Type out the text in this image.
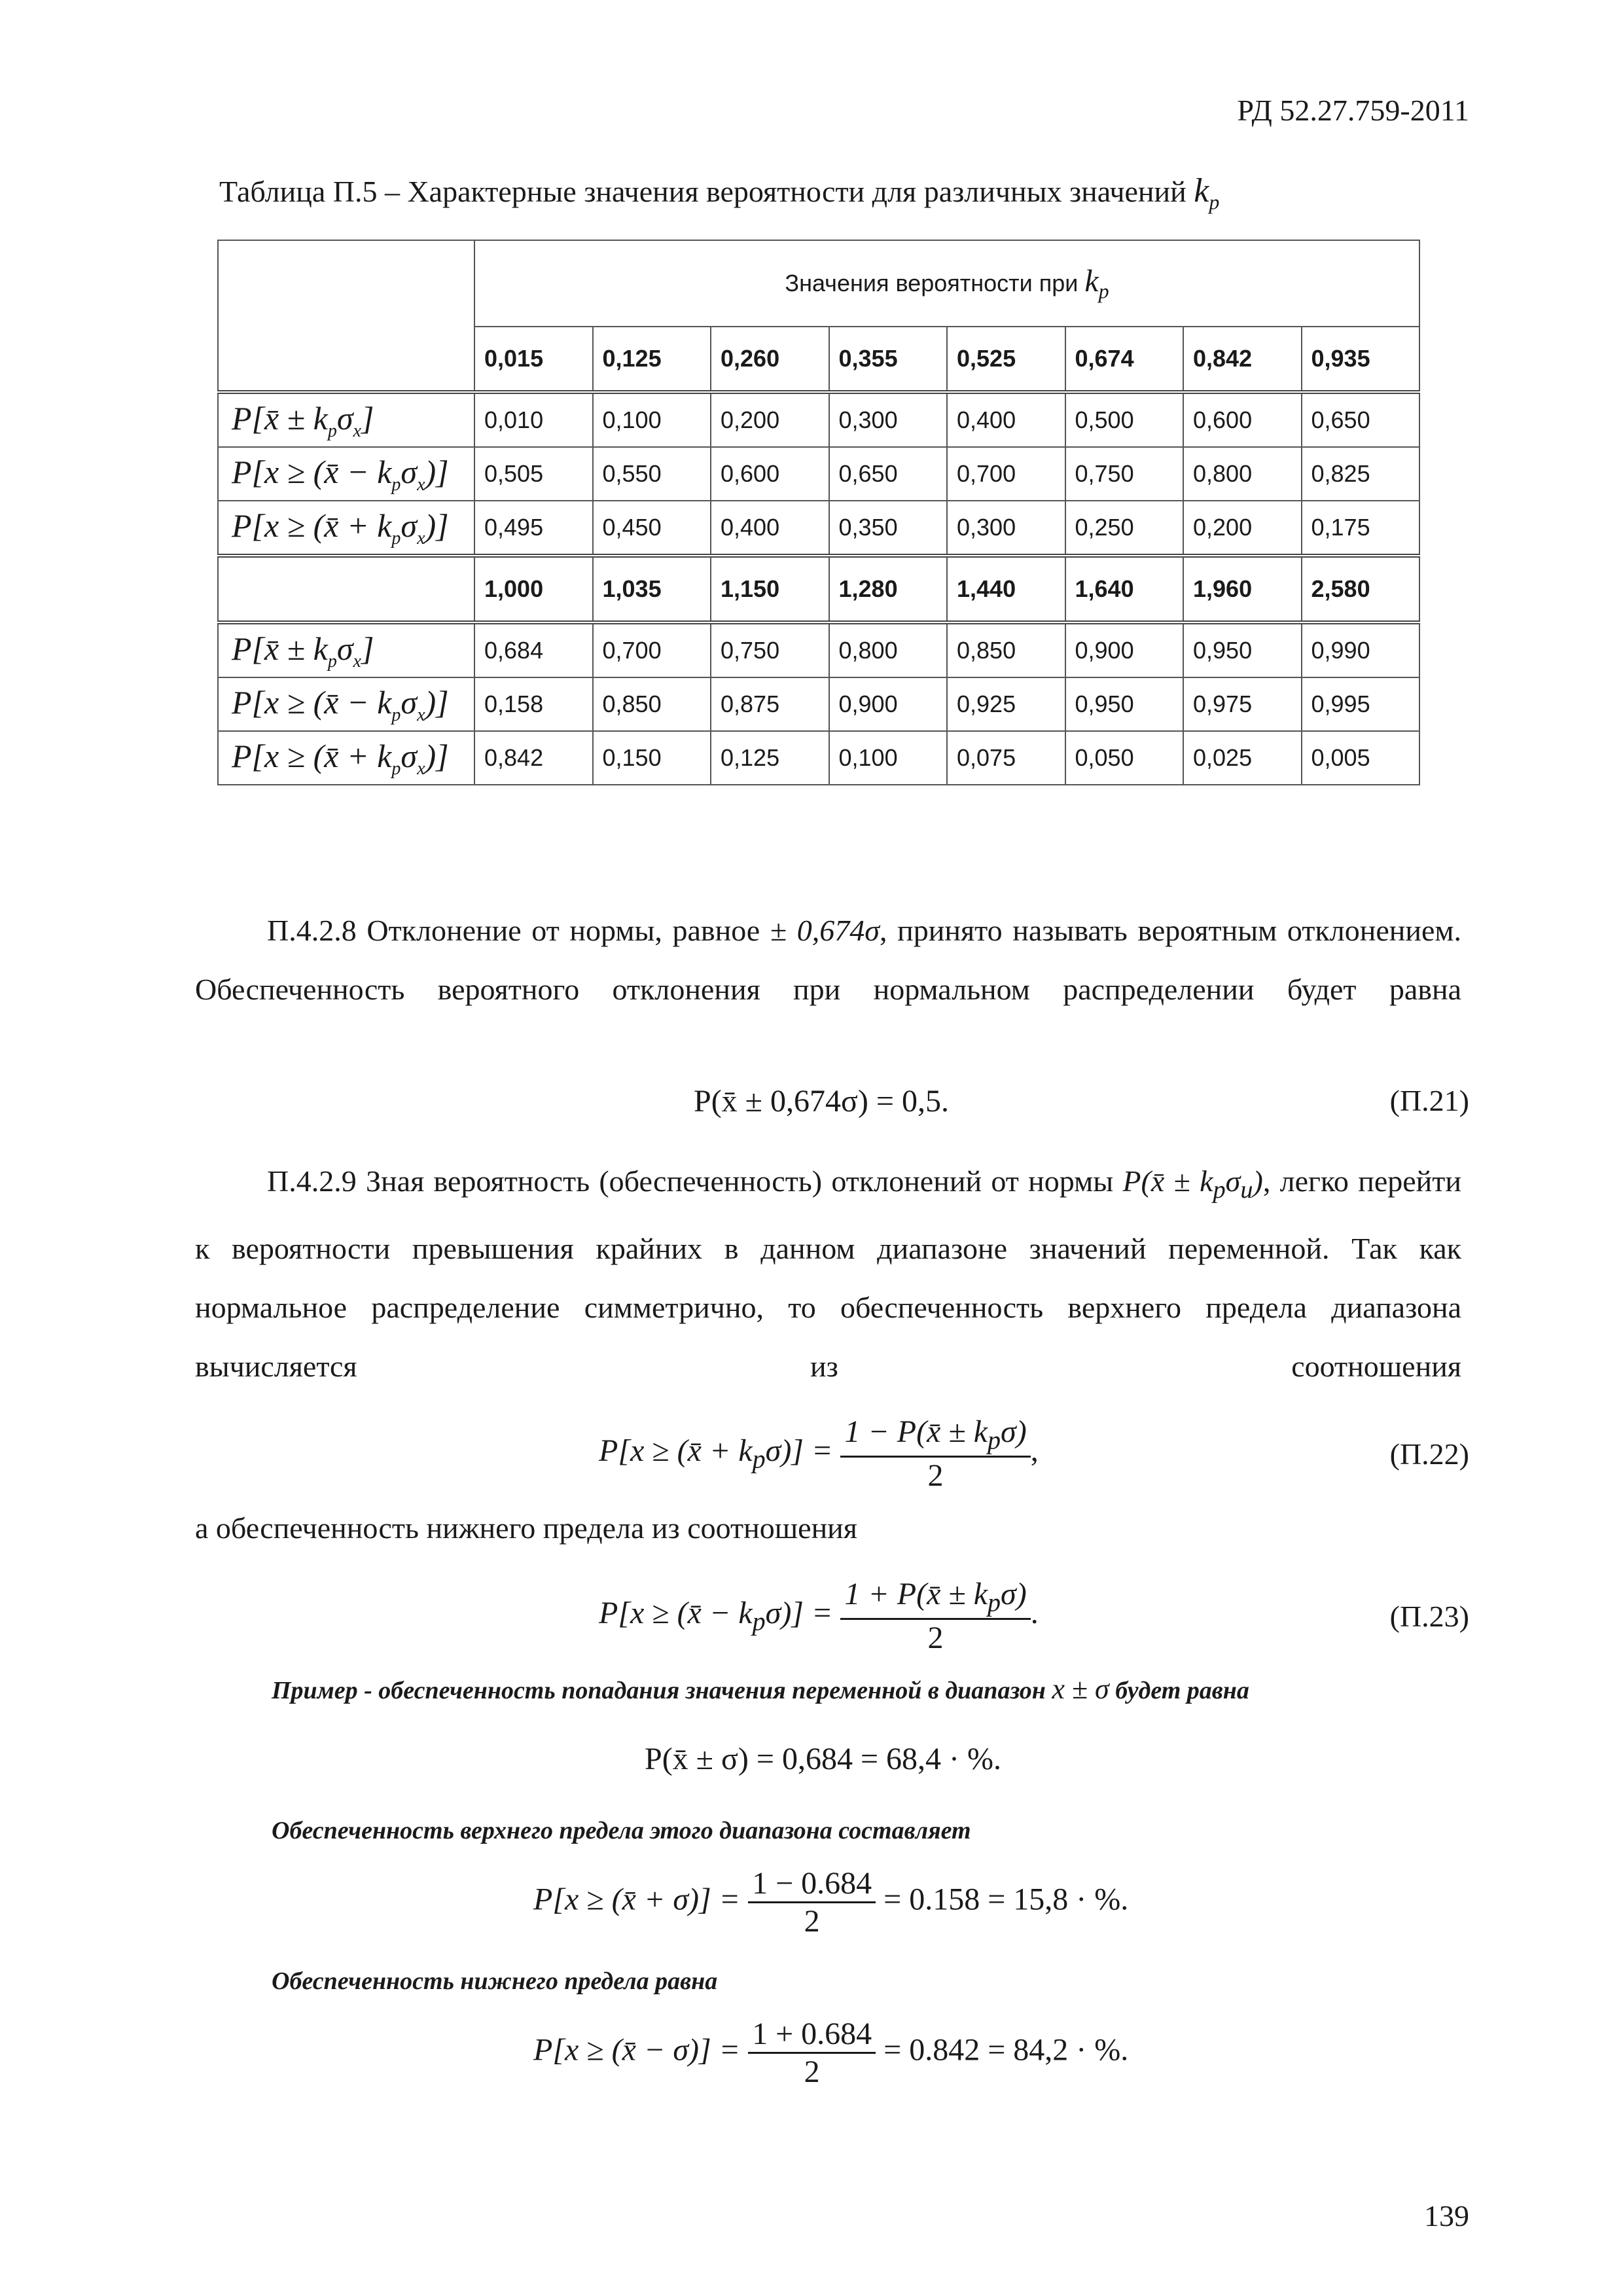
РД 52.27.759-2011
Таблица П.5 – Характерные значения вероятности для различных значений $k_p$
	Значения вероятности при $k_p$
	0,015	0,125	0,260	0,355	0,525	0,674	0,842	0,935
P[x̄ ± $k_p\sigma_x$]	0,010	0,100	0,200	0,300	0,400	0,500	0,600	0,650
P[x ≥ (x̄ − $k_p\sigma_x$)]	0,505	0,550	0,600	0,650	0,700	0,750	0,800	0,825
P[x ≥ (x̄ + $k_p\sigma_x$)]	0,495	0,450	0,400	0,350	0,300	0,250	0,200	0,175
	1,000	1,035	1,150	1,280	1,440	1,640	1,960	2,580
P[x̄ ± $k_p\sigma_x$]	0,684	0,700	0,750	0,800	0,850	0,900	0,950	0,990
P[x ≥ (x̄ − $k_p\sigma_x$)]	0,158	0,850	0,875	0,900	0,925	0,950	0,975	0,995
P[x ≥ (x̄ + $k_p\sigma_x$)]	0,842	0,150	0,125	0,100	0,075	0,050	0,025	0,005
П.4.2.8 Отклонение от нормы, равное ± 0,674σ, принято называть вероятным отклонением. Обеспеченность вероятного отклонения при нормальном распределении будет равна
P(x̄ ± 0,674σ) = 0,5.	(П.21)
П.4.2.9 Зная вероятность (обеспеченность) отклонений от нормы P(x̄ ± $k_p\sigma_u$), легко перейти к вероятности превышения крайних в данном диапазоне значений переменной. Так как нормальное распределение симметрично, то обеспеченность верхнего предела диапазона вычисляется из соотношения
P[x ≥ (x̄ + $k_p\sigma)] = \frac{1 - P(x̄ \pm k_p\sigma)}{2}$ ,	(П.22)
а обеспеченность нижнего предела из соотношения
P[x ≥ (x̄ − $k_p\sigma)] = \frac{1 + P(x̄ \pm k_p\sigma)}{2}$ .	(П.23)
Пример - обеспеченность попадания значения переменной в диапазон x ± σ будет равна
P(x̄ ± σ) = 0,684 = 68,4 · %.
Обеспеченность верхнего предела этого диапазона составляет
P[x ≥ (x̄ + $\sigma)] = \frac{1 - 0.684}{2} = 0.158 = 15,8$ · %.
Обеспеченность нижнего предела равна
P[x ≥ (x̄ − $\sigma)] = \frac{1 + 0.684}{2} = 0.842 = 84,2$ · %.
139
